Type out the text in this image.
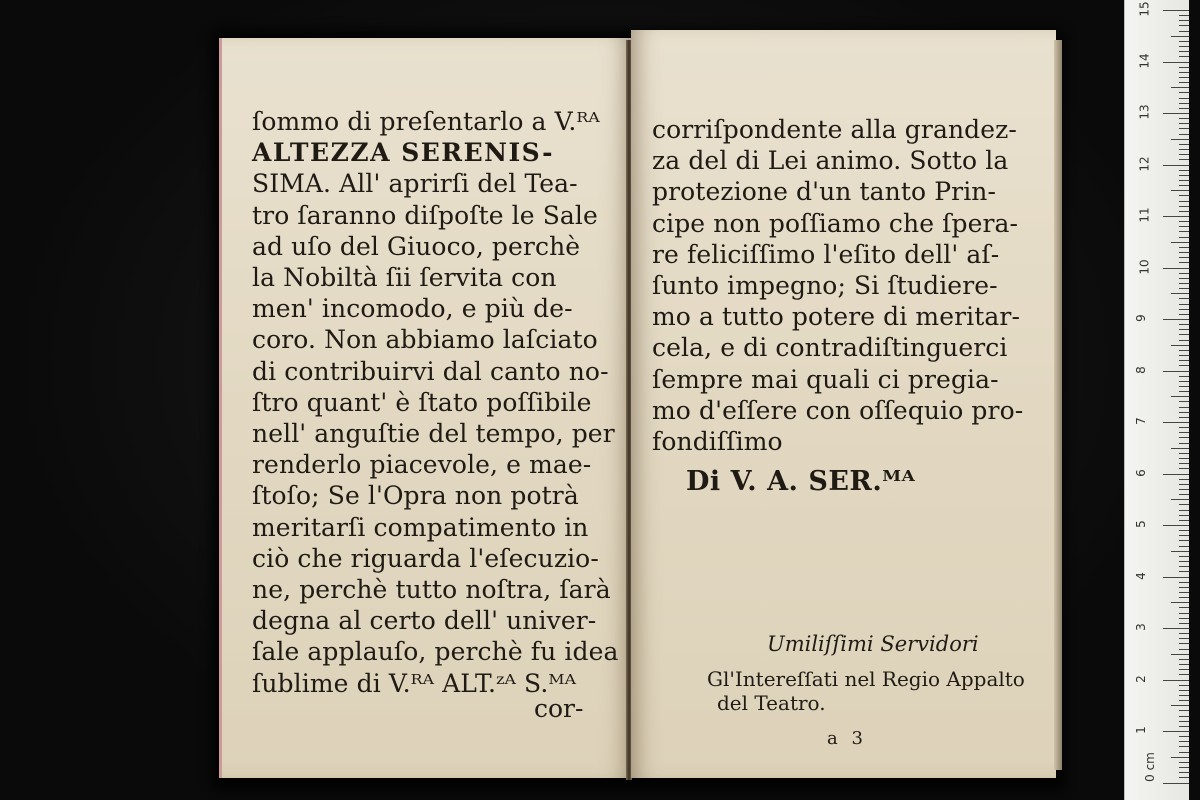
ſommo di preſentarlo a V.ᴿᴬ
ALTEZZA SERENIS-
SIMA. All' aprirſi del Tea-
tro ſaranno diſpoſte le Sale
ad uſo del Giuoco, perchè
la Nobiltà ſii ſervita con
men' incomodo, e più de-
coro. Non abbiamo laſciato
di contribuirvi dal canto no-
ſtro quant' è ſtato poſſibile
nell' anguſtie del tempo, per
renderlo piacevole, e mae-
ſtoſo; Se l'Opra non potrà
meritarſi compatimento in
ciò che riguarda l'eſecuzio-
ne, perchè tutto noſtra, ſarà
degna al certo dell' univer-
ſale applauſo, perchè fu idea
ſublime di V.ᴿᴬ ALT.ᶻᴬ S.ᴹᴬ
cor-
corriſpondente alla grandez-
za del di Lei animo. Sotto la
protezione d'un tanto Prin-
cipe non poſſiamo che ſpera-
re feliciſſimo l'eſito dell' aſ-
ſunto impegno; Si ſtudiere-
mo a tutto potere di meritar-
cela, e di contradiſtinguerci
ſempre mai quali ci pregia-
mo d'eſſere con oſſequio pro-
fondiſſimo
Di V. A. SER.ᴹᴬ
Umiliſſimi Servidori
Gl'Intereſſati nel Regio Appalto
del Teatro.
a 3
0 cm
15
14
13
12
11
10
9
8
7
6
5
4
3
2
1
